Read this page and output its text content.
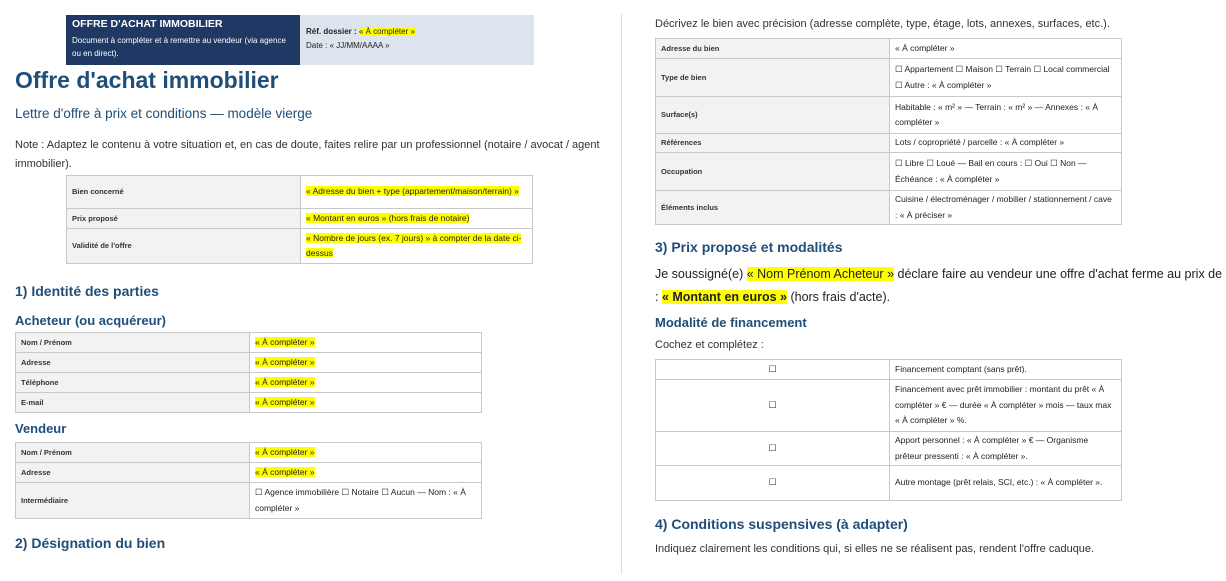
OFFRE D'ACHAT IMMOBILIER
Document à compléter et à remettre au vendeur (via agence ou en direct).
Réf. dossier : « À compléter »
Date : « JJ/MM/AAAA »
Offre d'achat immobilier
Lettre d'offre à prix et conditions — modèle vierge
Note : Adaptez le contenu à votre situation et, en cas de doute, faites relire par un professionnel (notaire / avocat / agent immobilier).
Bien concerné	« Adresse du bien + type (appartement/maison/terrain) »
Prix proposé	« Montant en euros » (hors frais de notaire)
Validité de l'offre	« Nombre de jours (ex. 7 jours) » à compter de la date ci-dessus
1) Identité des parties
Acheteur (ou acquéreur)
Nom / Prénom	« À compléter »
Adresse	« À compléter »
Téléphone	« À compléter »
E-mail	« À compléter »
Vendeur
Nom / Prénom	« À compléter »
Adresse	« À compléter »
Intermédiaire	☐ Agence immobilière ☐ Notaire ☐ Aucun — Nom : « À compléter »
2) Désignation du bien
Décrivez le bien avec précision (adresse complète, type, étage, lots, annexes, surfaces, etc.).
Adresse du bien	« À compléter »
Type de bien	☐ Appartement ☐ Maison ☐ Terrain ☐ Local commercial ☐ Autre : « À compléter »
Surface(s)	Habitable : « m² » — Terrain : « m² » — Annexes : « À compléter »
Références	Lots / copropriété / parcelle : « À compléter »
Occupation	☐ Libre ☐ Loué — Bail en cours : ☐ Oui ☐ Non — Échéance : « À compléter »
Éléments inclus	Cuisine / électroménager / mobilier / stationnement / cave : « À préciser »
3) Prix proposé et modalités
Je soussigné(e) « Nom Prénom Acheteur » déclare faire au vendeur une offre d'achat ferme au prix de : « Montant en euros » (hors frais d'acte).
Modalité de financement
Cochez et complétez :
☐	Financement comptant (sans prêt).
☐	Financement avec prêt immobilier : montant du prêt « À compléter » € — durée « À compléter » mois — taux max « À compléter » %.
☐	Apport personnel : « À compléter » € — Organisme prêteur pressenti : « À compléter ».
☐	Autre montage (prêt relais, SCI, etc.) : « À compléter ».
4) Conditions suspensives (à adapter)
Indiquez clairement les conditions qui, si elles ne se réalisent pas, rendent l'offre caduque.
